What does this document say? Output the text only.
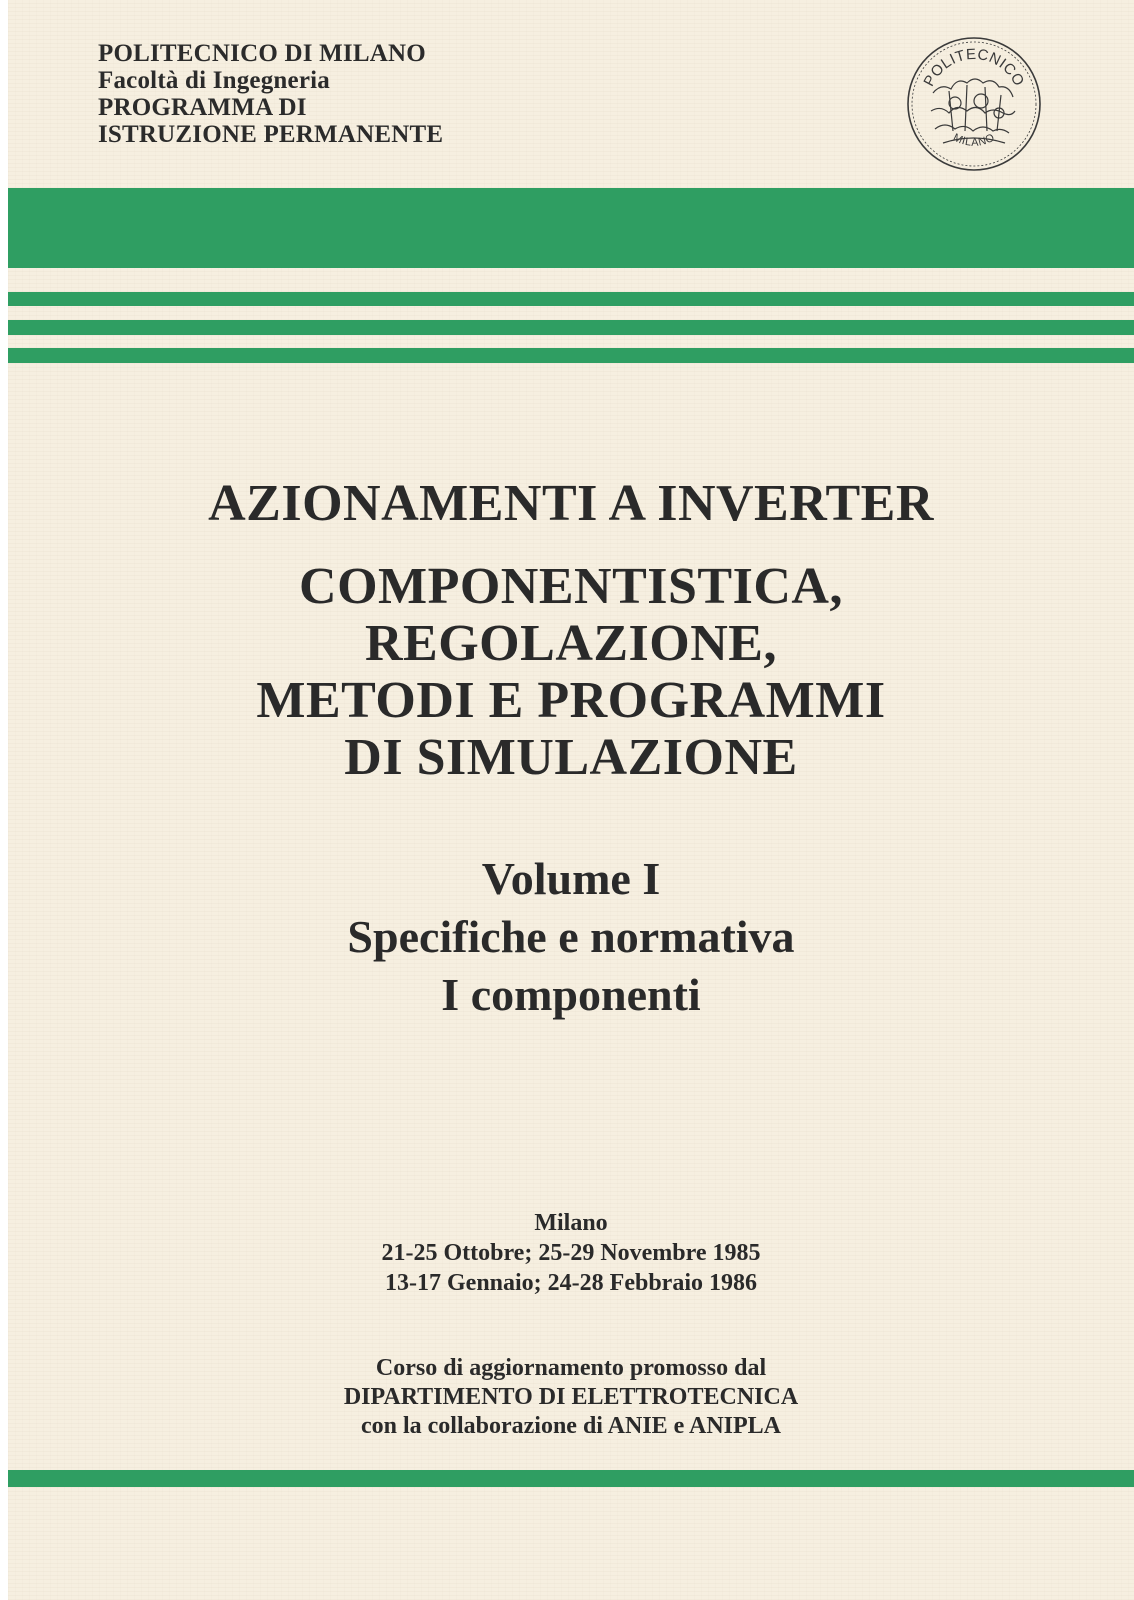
POLITECNICO DI MILANO
Facoltà di Ingegneria
PROGRAMMA DI
ISTRUZIONE PERMANENTE
POLITECNICO
MILANO
AZIONAMENTI A INVERTER
COMPONENTISTICA,
REGOLAZIONE,
METODI E PROGRAMMI
DI SIMULAZIONE
Volume I
Specifiche e normativa
I componenti
Milano
21-25 Ottobre; 25-29 Novembre 1985
13-17 Gennaio; 24-28 Febbraio 1986
Corso di aggiornamento promosso dal
DIPARTIMENTO DI ELETTROTECNICA
con la collaborazione di ANIE e ANIPLA
